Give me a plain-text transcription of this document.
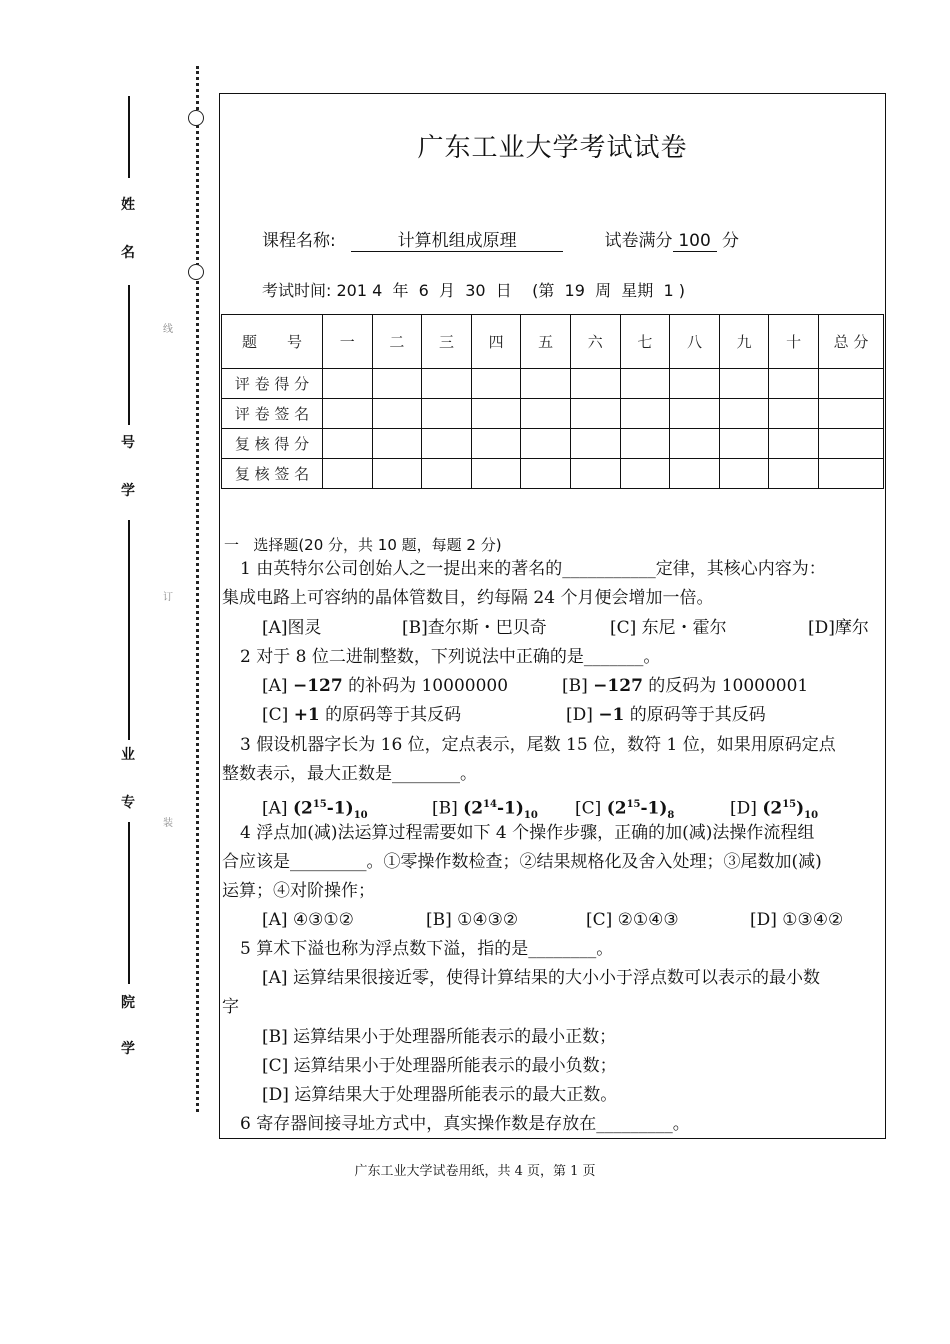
姓
名
号
学
业
专
院
学
线
订
装
广东工业大学考试试卷
课程名称:	计算机组成原理	试卷满分 100 分
考试时间: 201 4 年 6 月 30 日 (第 19 周 星期 1 )
题　　号	一	二	三	四	五	六	七	八	九	十	总 分
评 卷 得 分											
评 卷 签 名											
复 核 得 分											
复 核 签 名											
一 选择题(20 分，共 10 题，每题 2 分)
1 由英特尔公司创始人之一提出来的著名的___________定律，其核心内容为：
集成电路上可容纳的晶体管数目，约每隔 24 个月便会增加一倍。
[A]图灵	[B]查尔斯・巴贝奇	[C] 东尼・霍尔	[D]摩尔
2 对于 8 位二进制整数，下列说法中正确的是_______。
[A] −127 的补码为 10000000	[B] −127 的反码为 10000001
[C] +1 的原码等于其反码	[D] −1 的原码等于其反码
3 假设机器字长为 16 位，定点表示，尾数 15 位，数符 1 位，如果用原码定点
整数表示，最大正数是________。
[A] $(2^{15}-1)_{10}$	[B] $(2^{14}-1)_{10}$ [C] $(2^{15}-1)_8$	[D] $(2^{15})_{10}$
4 浮点加(减)法运算过程需要如下 4 个操作步骤，正确的加(减)法操作流程组
合应该是_________。①零操作数检查；②结果规格化及舍入处理；③尾数加(减)
运算；④对阶操作；
[A] ④③①②	[B] ①④③②	[C] ②①④③	[D] ①③④②
5 算术下溢也称为浮点数下溢，指的是________。
[A] 运算结果很接近零，使得计算结果的大小小于浮点数可以表示的最小数
字
[B] 运算结果小于处理器所能表示的最小正数；
[C] 运算结果小于处理器所能表示的最小负数；
[D] 运算结果大于处理器所能表示的最大正数。
6 寄存器间接寻址方式中，真实操作数是存放在_________。
广东工业大学试卷用纸，共 4 页，第 1 页
